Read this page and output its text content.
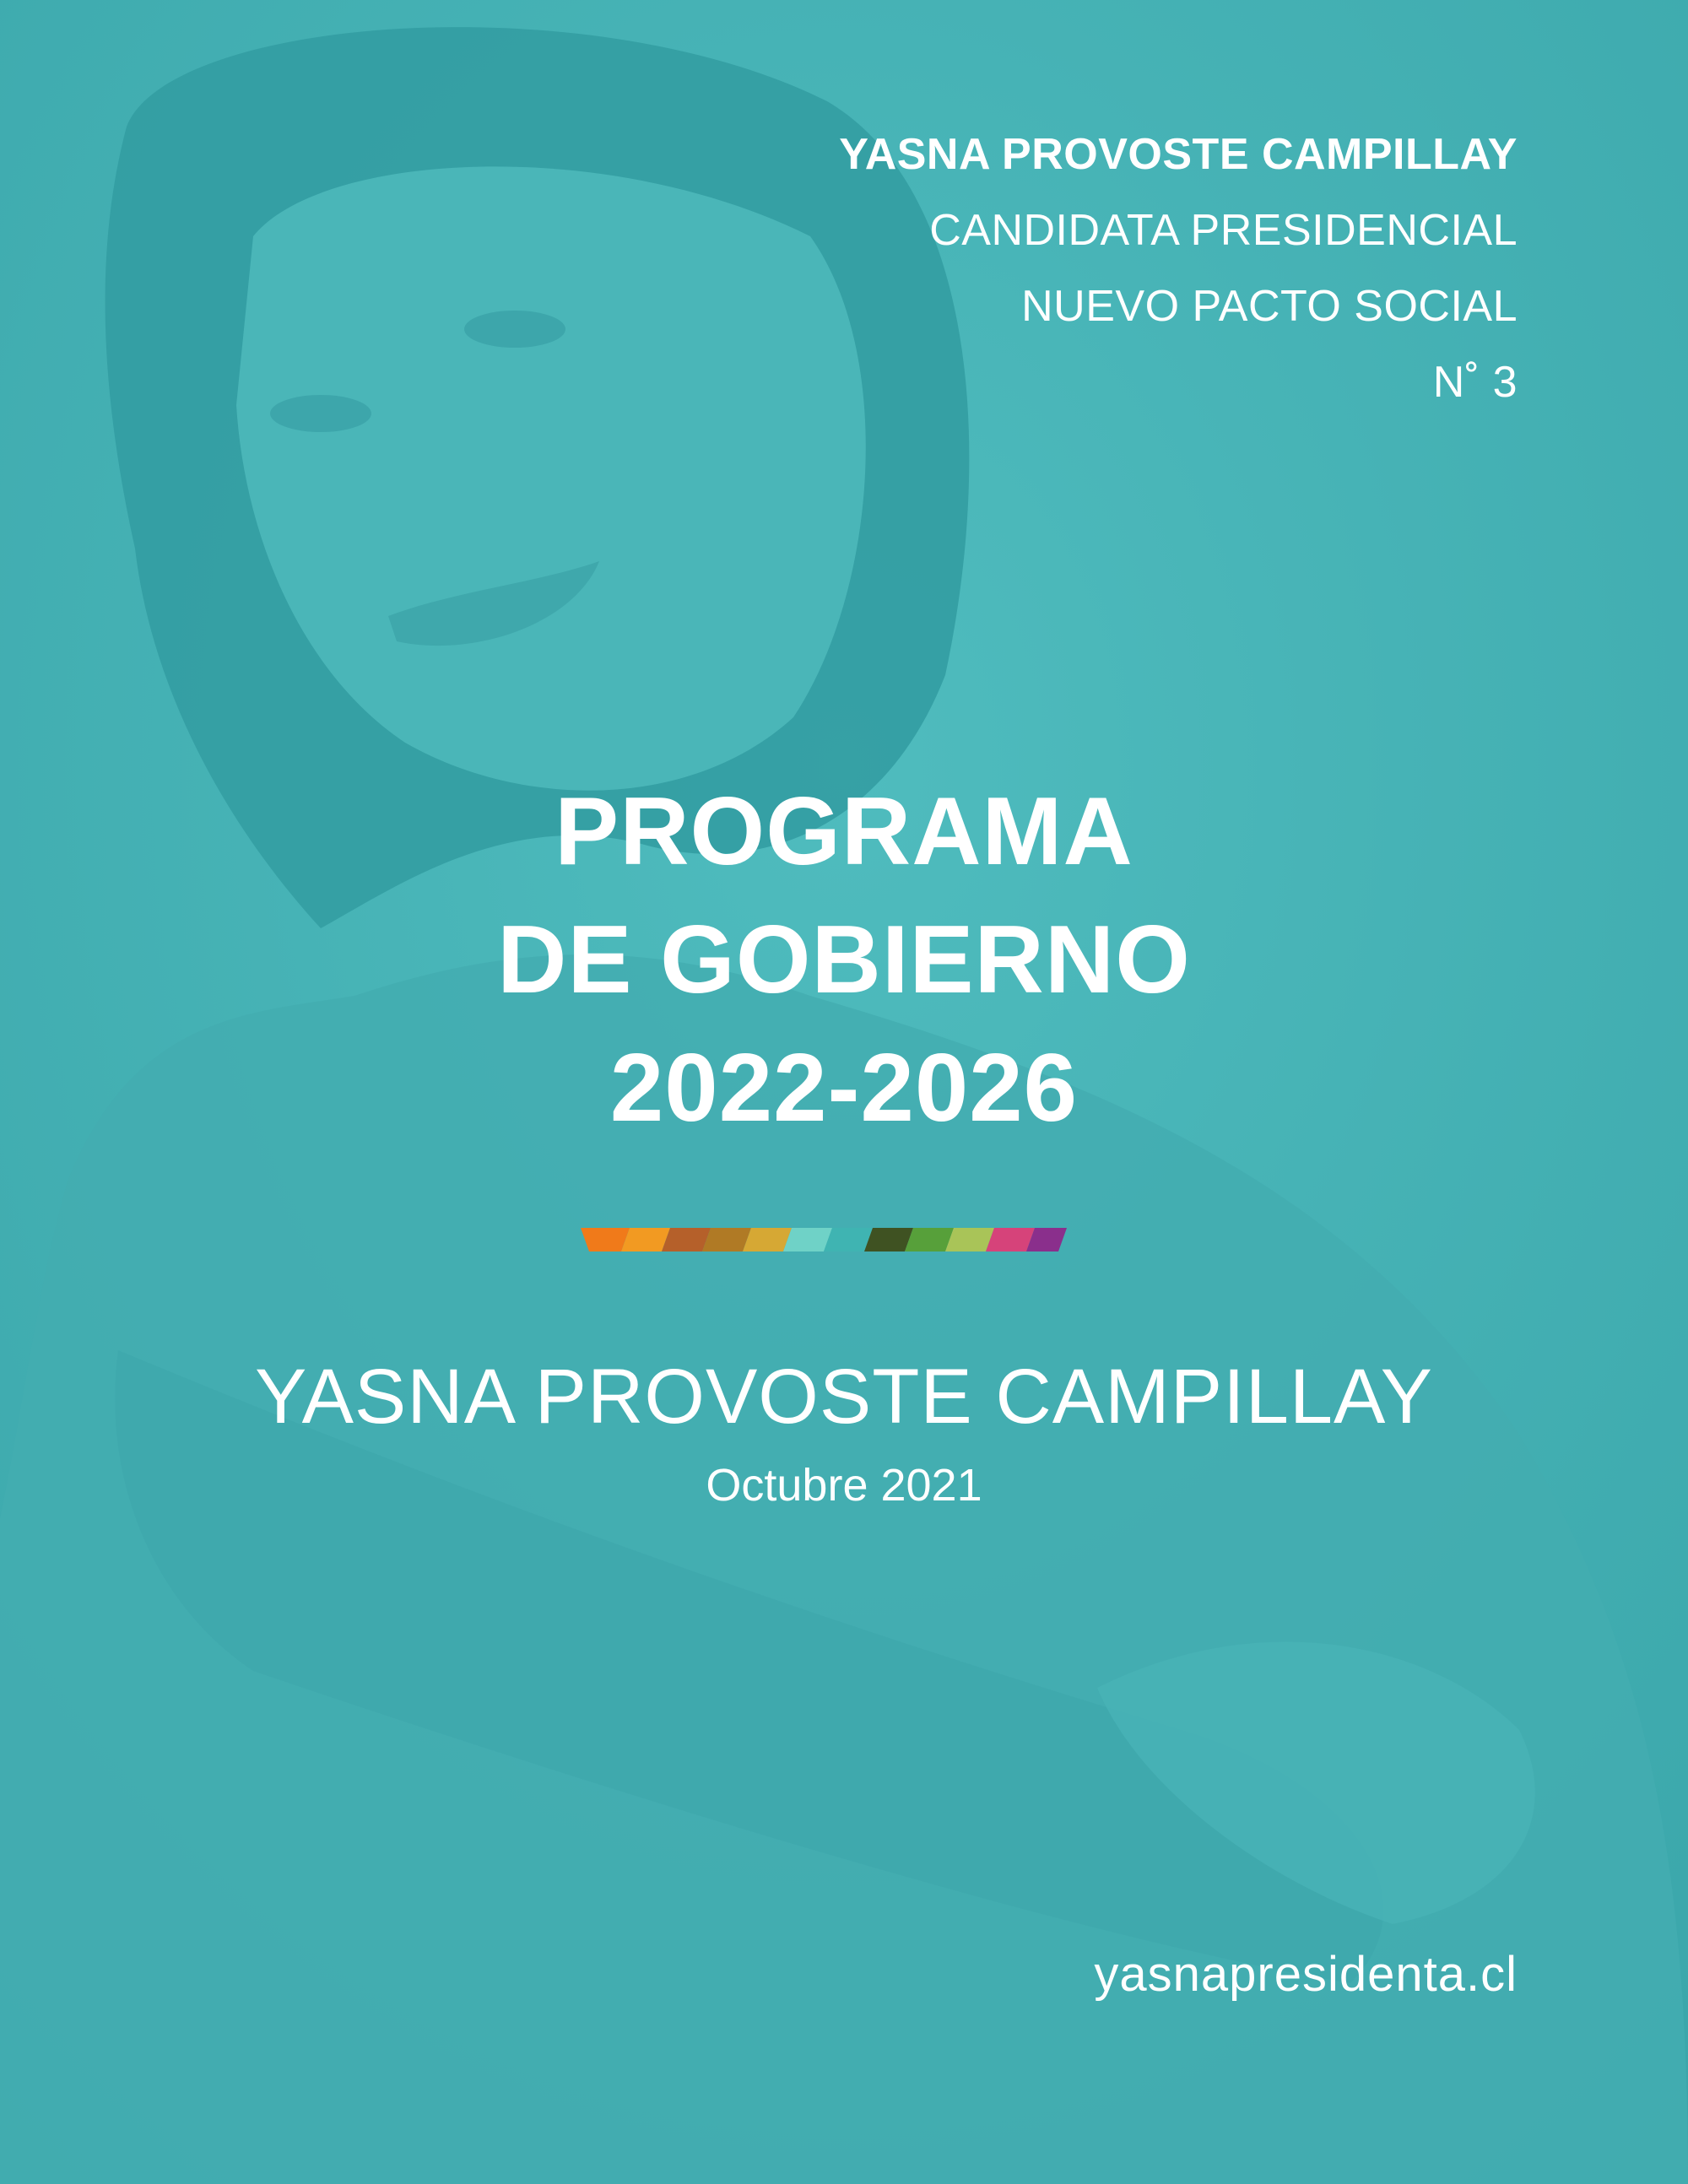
YASNA PROVOSTE CAMPILLAY
CANDIDATA PRESIDENCIAL
NUEVO PACTO SOCIAL
N˚ 3
PROGRAMA
DE GOBIERNO
2022-2026
YASNA PROVOSTE CAMPILLAY
Octubre 2021
yasnapresidenta.cl
